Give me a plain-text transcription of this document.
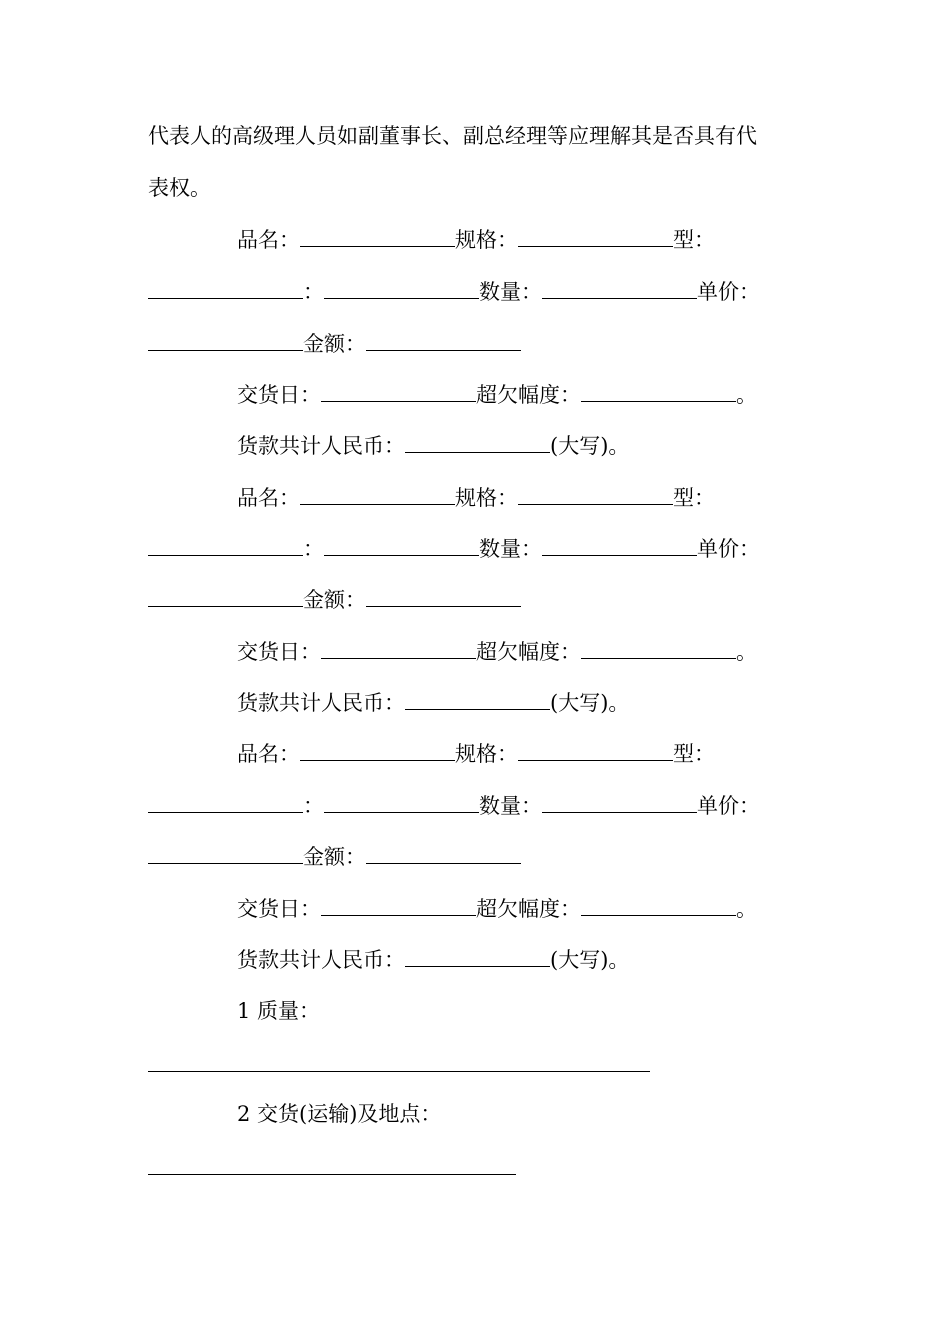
代表人的高级理人员如副董事长、副总经理等应理解其是否具有代
表权。
品名：	规格：	型：
：	数量：	单价：
金额：
交货日：	超欠幅度：	。
货款共计人民币：	(大写)。
品名：	规格：	型：
：	数量：	单价：
金额：
交货日：	超欠幅度：	。
货款共计人民币：	(大写)。
品名：	规格：	型：
：	数量：	单价：
金额：
交货日：	超欠幅度：	。
货款共计人民币：	(大写)。
1 质量：
2 交货(运输)及地点：
